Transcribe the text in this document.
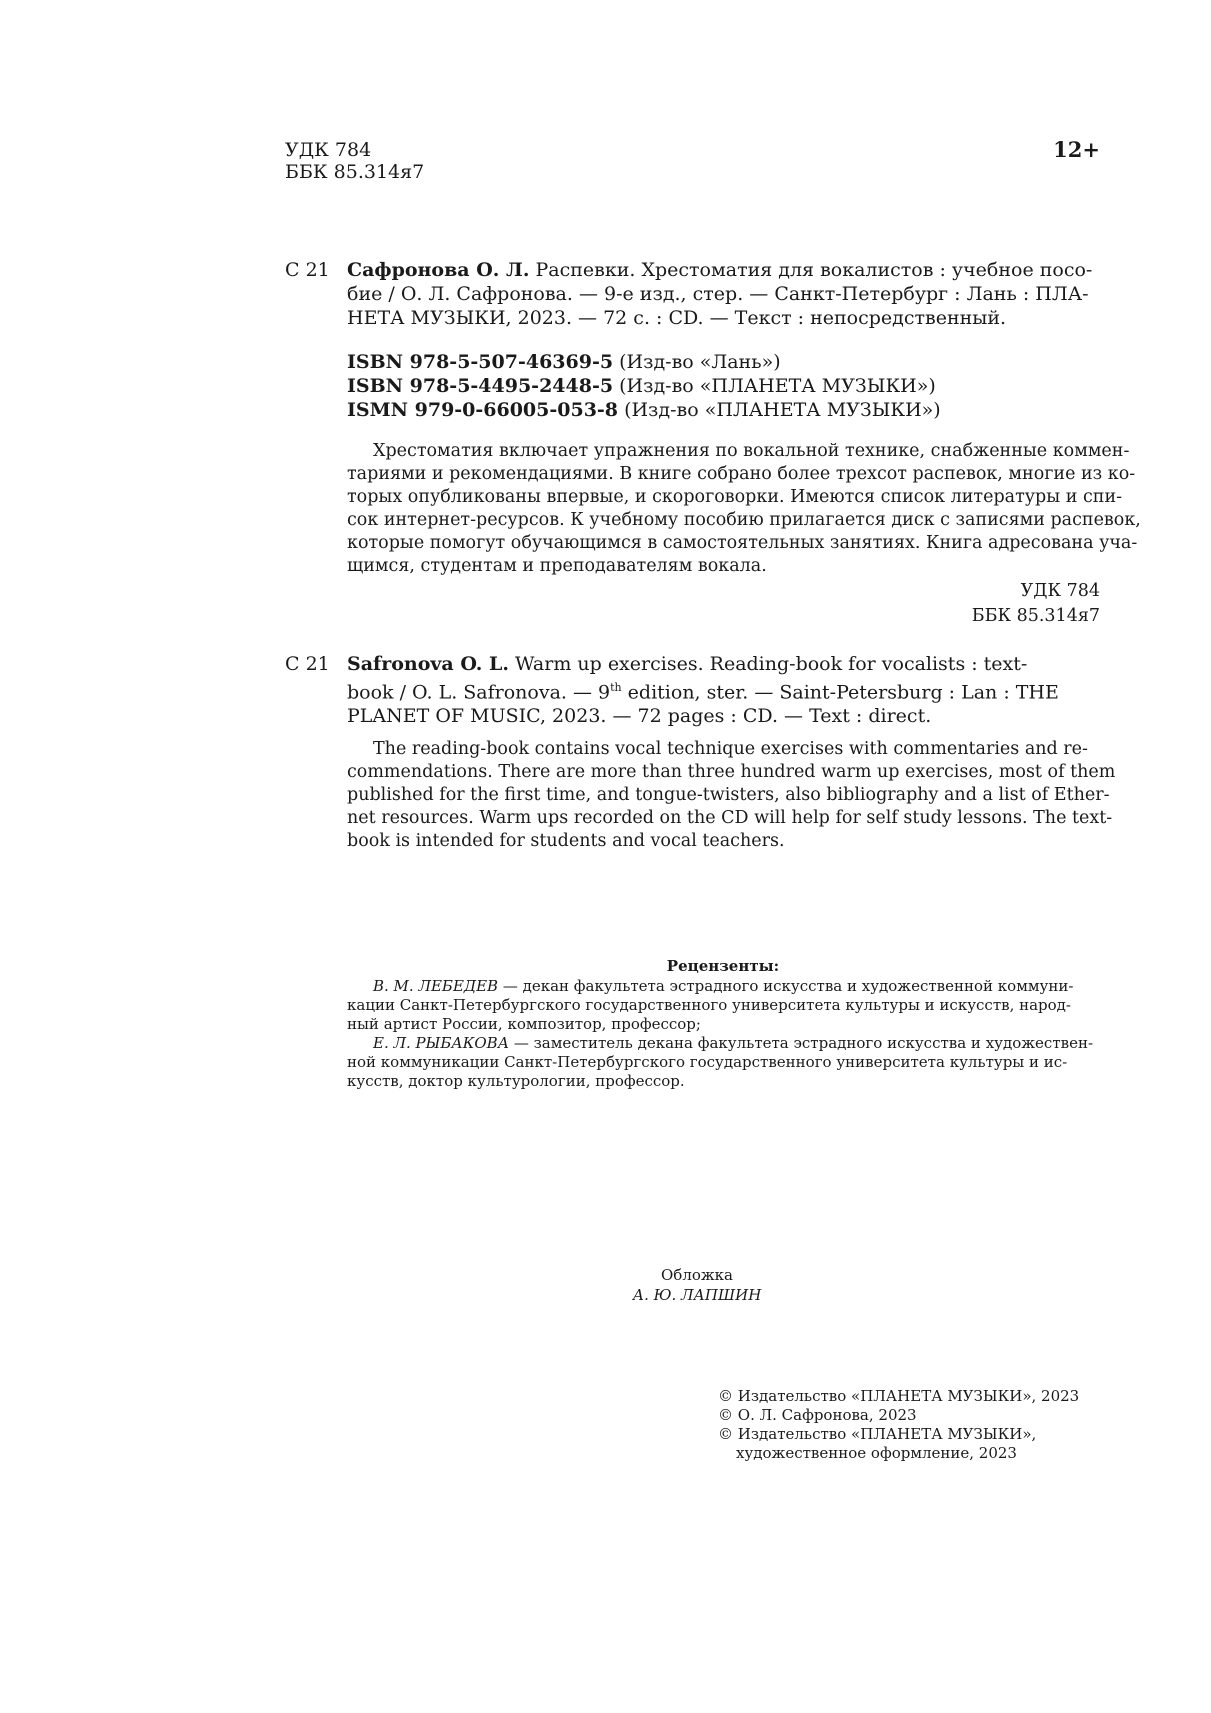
УДК 784
ББК 85.314я7
12+
С 21 Сафронова О. Л. Распевки. Хрестоматия для вокалистов : учебное посо-
бие / О. Л. Сафронова. — 9-е изд., стер. — Санкт-Петербург : Лань : ПЛА-
НЕТА МУЗЫКИ, 2023. — 72 с. : CD. — Текст : непосредственный.
ISBN 978-5-507-46369-5 (Изд-во «Лань»)
ISBN 978-5-4495-2448-5 (Изд-во «ПЛАНЕТА МУЗЫКИ»)
ISMN 979-0-66005-053-8 (Изд-во «ПЛАНЕТА МУЗЫКИ»)
Хрестоматия включает упражнения по вокальной технике, снабженные коммен-
тариями и рекомендациями. В книге собрано более трехсот распевок, многие из ко-
торых опубликованы впервые, и скороговорки. Имеются список литературы и спи-
сок интернет-ресурсов. К учебному пособию прилагается диск с записями распевок,
которые помогут обучающимся в самостоятельных занятиях. Книга адресована уча-
щимся, студентам и преподавателям вокала.
УДК 784
ББК 85.314я7
С 21 Safronova O. L. Warm up exercises. Reading-book for vocalists : text-
book / O. L. Safronova. — 9th edition, ster. — Saint-Petersburg : Lan : THE
PLANET OF MUSIC, 2023. — 72 pages : CD. — Text : direct.
The reading-book contains vocal technique exercises with commentaries and re-
commendations. There are more than three hundred warm up exercises, most of them
published for the first time, and tongue-twisters, also bibliography and a list of Ether-
net resources. Warm ups recorded on the CD will help for self study lessons. The text-
book is intended for students and vocal teachers.
Рецензенты:
В. М. ЛЕБЕДЕВ — декан факультета эстрадного искусства и художественной коммуни-
кации Санкт-Петербургского государственного университета культуры и искусств, народ-
ный артист России, композитор, профессор;
Е. Л. РЫБАКОВА — заместитель декана факультета эстрадного искусства и художествен-
ной коммуникации Санкт-Петербургского государственного университета культуры и ис-
кусств, доктор культурологии, профессор.
Обложка
А. Ю. ЛАПШИН
© Издательство «ПЛАНЕТА МУЗЫКИ», 2023
© О. Л. Сафронова, 2023
© Издательство «ПЛАНЕТА МУЗЫКИ»,
художественное оформление, 2023
